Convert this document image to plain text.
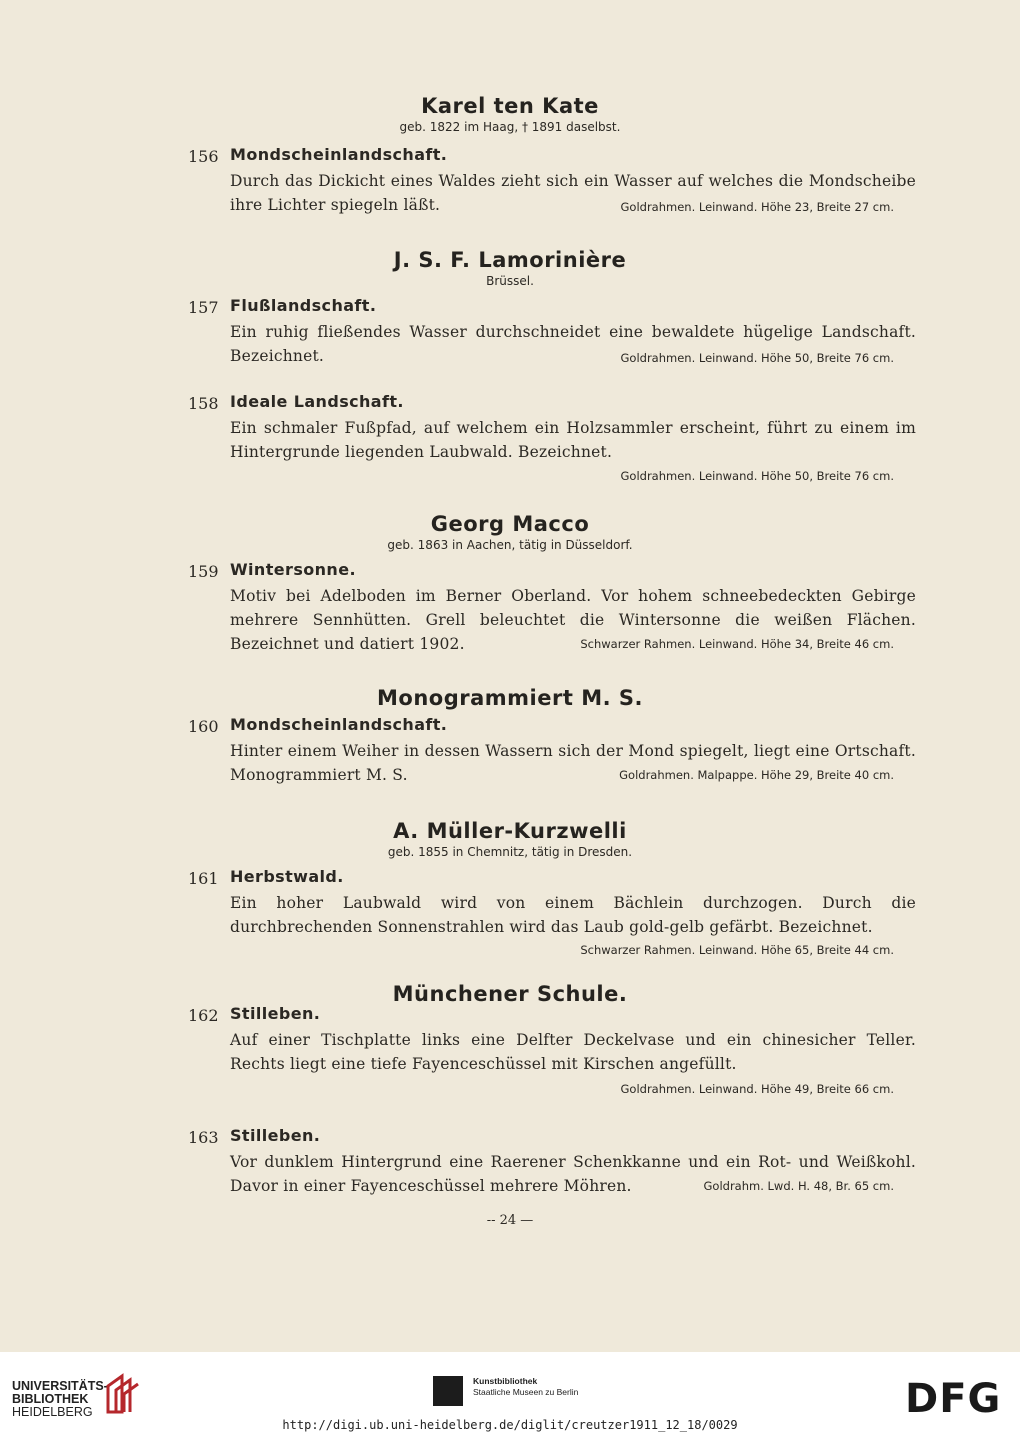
Karel ten Kate
geb. 1822 im Haag, † 1891 daselbst.
156 Mondscheinlandschaft.
Durch das Dickicht eines Waldes zieht sich ein Wasser auf welches die Mondscheibe ihre Lichter spiegeln läßt.	Goldrahmen. Leinwand. Höhe 23, Breite 27 cm.
J. S. F. Lamorinière
Brüssel.
157 Flußlandschaft.
Ein ruhig fließendes Wasser durchschneidet eine bewaldete hügelige Landschaft. Bezeichnet.	Goldrahmen. Leinwand. Höhe 50, Breite 76 cm.
158 Ideale Landschaft.
Ein schmaler Fußpfad, auf welchem ein Holzsammler erscheint, führt zu einem im Hintergrunde liegenden Laubwald. Bezeichnet.
Goldrahmen. Leinwand. Höhe 50, Breite 76 cm.
Georg Macco
geb. 1863 in Aachen, tätig in Düsseldorf.
159 Wintersonne.
Motiv bei Adelboden im Berner Oberland. Vor hohem schneebedeckten Gebirge mehrere Sennhütten. Grell beleuchtet die Wintersonne die weißen Flächen. Bezeichnet und datiert 1902.	Schwarzer Rahmen. Leinwand. Höhe 34, Breite 46 cm.
Monogrammiert M. S.
160 Mondscheinlandschaft.
Hinter einem Weiher in dessen Wassern sich der Mond spiegelt, liegt eine Ortschaft. Monogrammiert M. S.	Goldrahmen. Malpappe. Höhe 29, Breite 40 cm.
A. Müller-Kurzwelli
geb. 1855 in Chemnitz, tätig in Dresden.
161 Herbstwald.
Ein hoher Laubwald wird von einem Bächlein durchzogen. Durch die durchbrechenden Sonnenstrahlen wird das Laub gold-gelb gefärbt. Bezeichnet.
Schwarzer Rahmen. Leinwand. Höhe 65, Breite 44 cm.
Münchener Schule.
162 Stilleben.
Auf einer Tischplatte links eine Delfter Deckelvase und ein chinesicher Teller. Rechts liegt eine tiefe Fayenceschüssel mit Kirschen angefüllt.
Goldrahmen. Leinwand. Höhe 49, Breite 66 cm.
163 Stilleben.
Vor dunklem Hintergrund eine Raerener Schenkkanne und ein Rot- und Weißkohl. Davor in einer Fayenceschüssel mehrere Möhren.	Goldrahm. Lwd. H. 48, Br. 65 cm.
-- 24 —
UNIVERSITÄTS-
BIBLIOTHEK
HEIDELBERG
Kunstbibliothek
Staatliche Museen zu Berlin	DFG
http://digi.ub.uni-heidelberg.de/diglit/creutzer1911_12_18/0029
